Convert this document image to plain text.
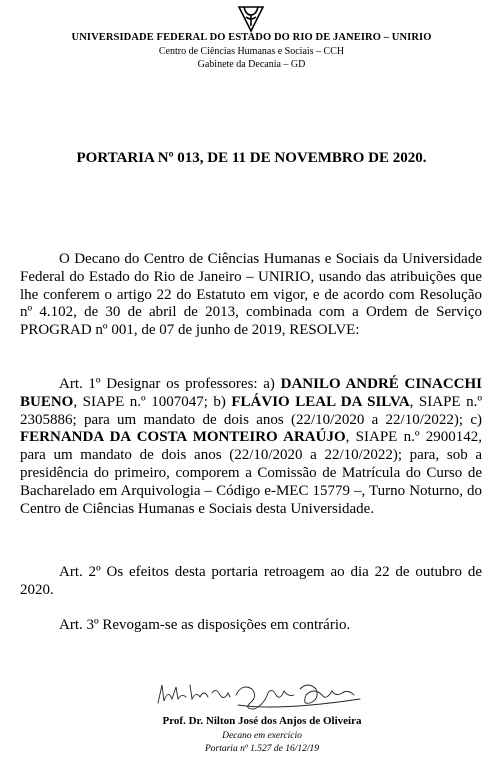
UNIVERSIDADE FEDERAL DO ESTADO DO RIO DE JANEIRO – UNIRIO
Centro de Ciências Humanas e Sociais – CCH
Gabinete da Decania – GD
PORTARIA Nº 013, DE 11 DE NOVEMBRO DE 2020.
O Decano do Centro de Ciências Humanas e Sociais da Universidade Federal do Estado do Rio de Janeiro – UNIRIO, usando das atribuições que lhe conferem o artigo 22 do Estatuto em vigor, e de acordo com Resolução nº 4.102, de 30 de abril de 2013, combinada com a Ordem de Serviço PROGRAD nº 001, de 07 de junho de 2019, RESOLVE:
Art. 1º Designar os professores: a) DANILO ANDRÉ CINACCHI BUENO, SIAPE n.º 1007047; b) FLÁVIO LEAL DA SILVA, SIAPE n.º 2305886; para um mandato de dois anos (22/10/2020 a 22/10/2022); c) FERNANDA DA COSTA MONTEIRO ARAÚJO, SIAPE n.º 2900142, para um mandato de dois anos (22/10/2020 a 22/10/2022); para, sob a presidência do primeiro, comporem a Comissão de Matrícula do Curso de Bacharelado em Arquivologia – Código e-MEC 15779 –, Turno Noturno, do Centro de Ciências Humanas e Sociais desta Universidade.
Art. 2º Os efeitos desta portaria retroagem ao dia 22 de outubro de 2020.
Art. 3º Revogam-se as disposições em contrário.
Prof. Dr. Nilton José dos Anjos de Oliveira
Decano em exercício
Portaria nº 1.527 de 16/12/19
